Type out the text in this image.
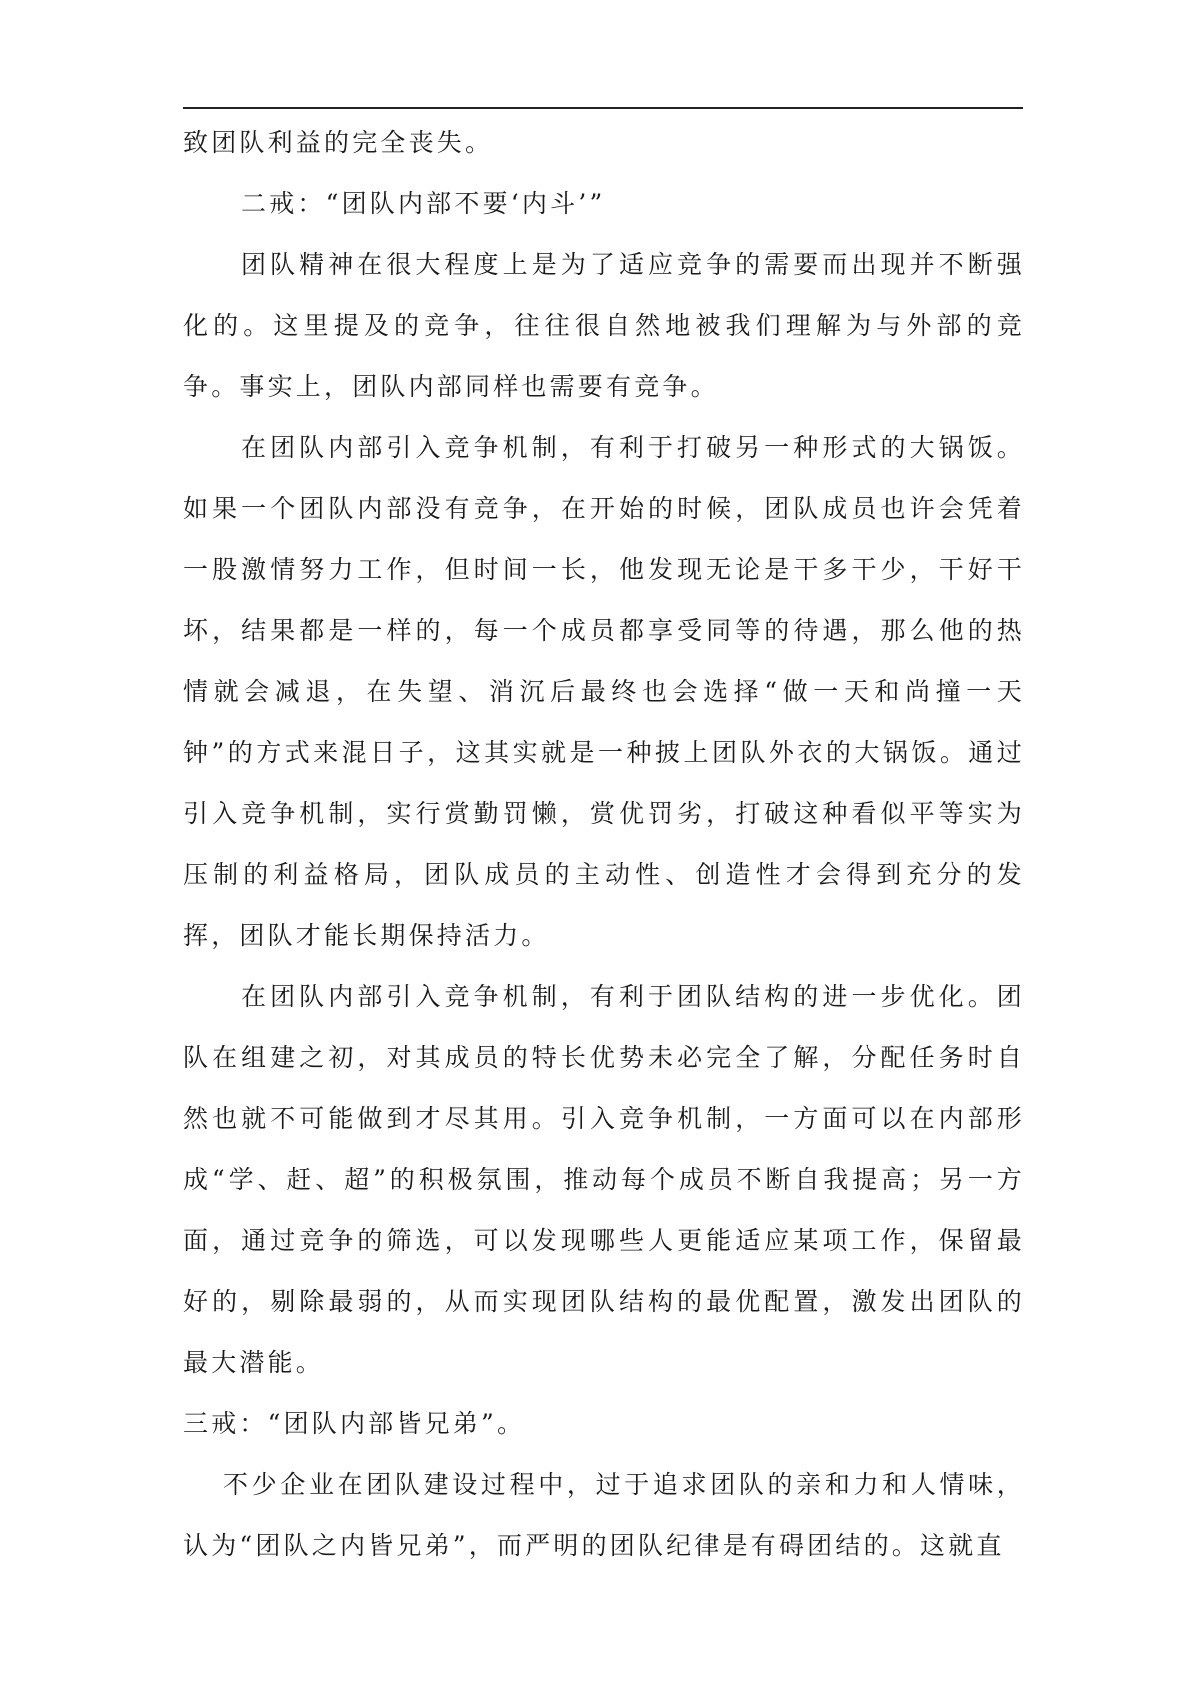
致团队利益的完全丧失。

二戒：“团队内部不要‘内斗’”

团队精神在很大程度上是为了适应竞争的需要而出现并不断强化的。这里提及的竞争，往往很自然地被我们理解为与外部的竞争。事实上，团队内部同样也需要有竞争。

在团队内部引入竞争机制，有利于打破另一种形式的大锅饭。如果一个团队内部没有竞争，在开始的时候，团队成员也许会凭着一股激情努力工作，但时间一长，他发现无论是干多干少，干好干坏，结果都是一样的，每一个成员都享受同等的待遇，那么他的热情就会减退，在失望、消沉后最终也会选择“做一天和尚撞一天钟”的方式来混日子，这其实就是一种披上团队外衣的大锅饭。通过引入竞争机制，实行赏勤罚懒，赏优罚劣，打破这种看似平等实为压制的利益格局，团队成员的主动性、创造性才会得到充分的发挥，团队才能长期保持活力。

在团队内部引入竞争机制，有利于团队结构的进一步优化。团队在组建之初，对其成员的特长优势未必完全了解，分配任务时自然也就不可能做到才尽其用。引入竞争机制，一方面可以在内部形成“学、赶、超”的积极氛围，推动每个成员不断自我提高；另一方面，通过竞争的筛选，可以发现哪些人更能适应某项工作，保留最好的，剔除最弱的，从而实现团队结构的最优配置，激发出团队的最大潜能。

三戒：“团队内部皆兄弟”。

不少企业在团队建设过程中，过于追求团队的亲和力和人情味，认为“团队之内皆兄弟”，而严明的团队纪律是有碍团结的。这就直
